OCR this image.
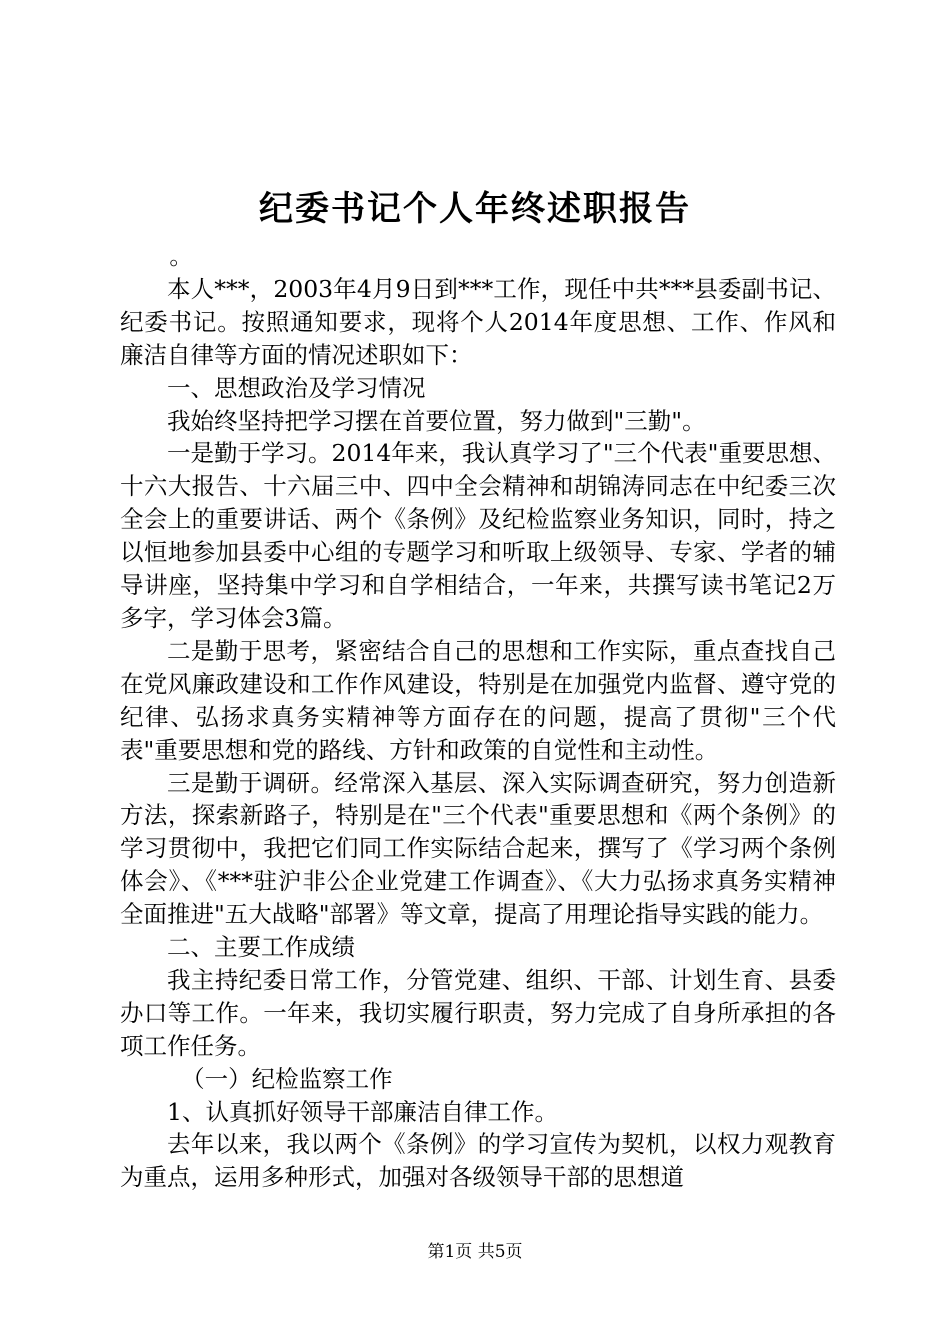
纪委书记个人年终述职报告

。

本人***，2003年4月9日到***工作，现任中共***县委副书记、纪委书记。按照通知要求，现将个人2014年度思想、工作、作风和廉洁自律等方面的情况述职如下：

一、思想政治及学习情况

我始终坚持把学习摆在首要位置，努力做到"三勤"。

一是勤于学习。2014年来，我认真学习了"三个代表"重要思想、十六大报告、十六届三中、四中全会精神和胡锦涛同志在中纪委三次全会上的重要讲话、两个《条例》及纪检监察业务知识，同时，持之以恒地参加县委中心组的专题学习和听取上级领导、专家、学者的辅导讲座，坚持集中学习和自学相结合，一年来，共撰写读书笔记2万多字，学习体会3篇。

二是勤于思考，紧密结合自己的思想和工作实际，重点查找自己在党风廉政建设和工作作风建设，特别是在加强党内监督、遵守党的纪律、弘扬求真务实精神等方面存在的问题，提高了贯彻"三个代表"重要思想和党的路线、方针和政策的自觉性和主动性。

三是勤于调研。经常深入基层、深入实际调查研究，努力创造新方法，探索新路子，特别是在"三个代表"重要思想和《两个条例》的学习贯彻中，我把它们同工作实际结合起来，撰写了《学习两个条例体会》、《***驻沪非公企业党建工作调查》、《大力弘扬求真务实精神全面推进"五大战略"部署》等文章，提高了用理论指导实践的能力。

二、主要工作成绩

我主持纪委日常工作，分管党建、组织、干部、计划生育、县委办口等工作。一年来，我切实履行职责，努力完成了自身所承担的各项工作任务。

（一）纪检监察工作

1、认真抓好领导干部廉洁自律工作。

去年以来，我以两个《条例》的学习宣传为契机，以权力观教育为重点，运用多种形式，加强对各级领导干部的思想道

第1页 共5页
